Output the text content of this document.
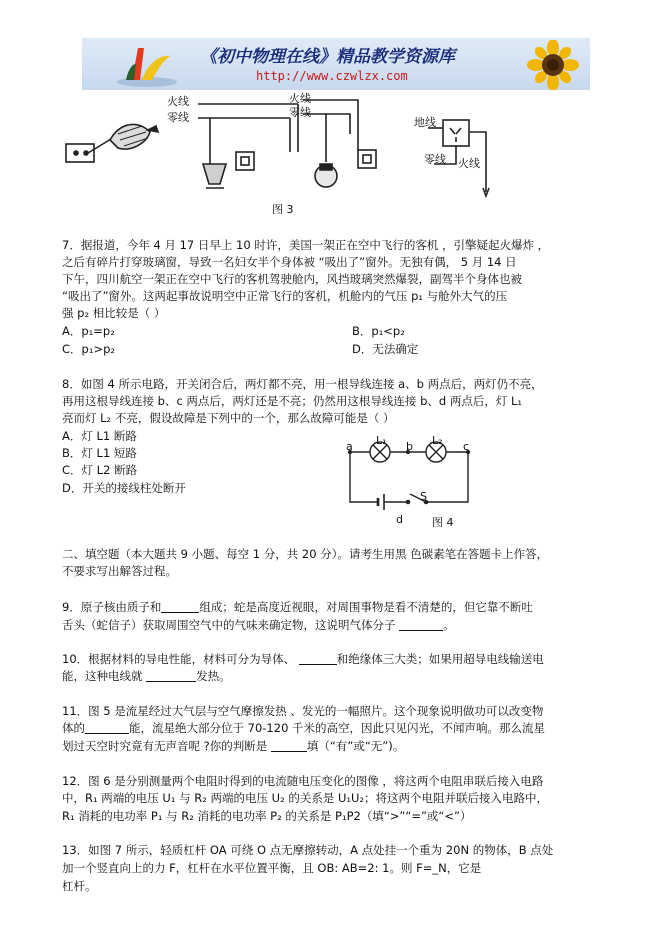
《初中物理在线》精品教学资源库
http://www.czwlzx.com
火线
零线
火线
零线
地线
零线 火线
图 3
7．据报道，今年 4 月 17 日早上 10 时许，美国一架正在空中飞行的客机 ，引擎疑起火爆炸 ，
之后有碎片打穿玻璃窗，导致一名妇女半个身体被 “吸出了”窗外。无独有偶， 5 月 14 日
下午，四川航空一架正在空中飞行的客机驾驶舱内，风挡玻璃突然爆裂，副驾半个身体也被
“吸出了”窗外。这两起事故说明空中正常飞行的客机，机舱内的气压 p₁ 与舱外大气的压
强 p₂ 相比较是（ ）
A．p₁=p₂	B．p₁<p₂
C．p₁>p₂	D．无法确定
8．如图 4 所示电路，开关闭合后，两灯都不亮，用一根导线连接 a、b 两点后，两灯仍不亮，
再用这根导线连接 b、c 两点后，两灯还是不亮；仍然用这根导线连接 b、d 两点后，灯 L₁
亮而灯 L₂ 不亮，假设故障是下列中的一个，那么故障可能是（ ）
A．灯 L1 断路
B．灯 L1 短路
C．灯 L2 断路
D．开关的接线柱处断开
a L₁ b L₂ c
d
S
图 4
二、填空题（本大题共 9 小题、每空 1 分，共 20 分）。请考生用黑 色碳素笔在答题卡上作答，
不要求写出解答过程。
9．原子核由质子和	组成；蛇是高度近视眼，对周围事物是看不清楚的，但它靠不断吐
舌头（蛇信子）获取周围空气中的气味来确定物，这说明气体分子	。
10．根据材料的导电性能，材料可分为导体、	和绝缘体三大类；如果用超导电线输送电
能，这种电线就	发热。
11．图 5 是流星经过大气层与空气摩擦发热 、发光的一幅照片。这个现象说明做功可以改变物
体的	能，流星绝大部分位于 70-120 千米的高空，因此只见闪光，不闻声响。那么流星
划过天空时究竟有无声音呢 ?你的判断是	填（“有”或“无”)。
12．图 6 是分别测量两个电阻时得到的电流随电压变化的图像 ，将这两个电阻串联后接入电路
中，R₁ 两端的电压 U₁ 与 R₂ 两端的电压 U₂ 的关系是 U₁U₂；将这两个电阻并联后接入电路中，
R₁ 消耗的电功率 P₁ 与 R₂ 消耗的电功率 P₂ 的关系是 P₁P2（填“>”“=”或“<”）
13．如图 7 所示，轻质杠杆 OA 可绕 O 点无摩擦转动，A 点处挂一个重为 20N 的物体，B 点处
加一个竖直向上的力 F，杠杆在水平位置平衡，且 OB: AB=2: 1。则 F=_N，它是
杠杆。
